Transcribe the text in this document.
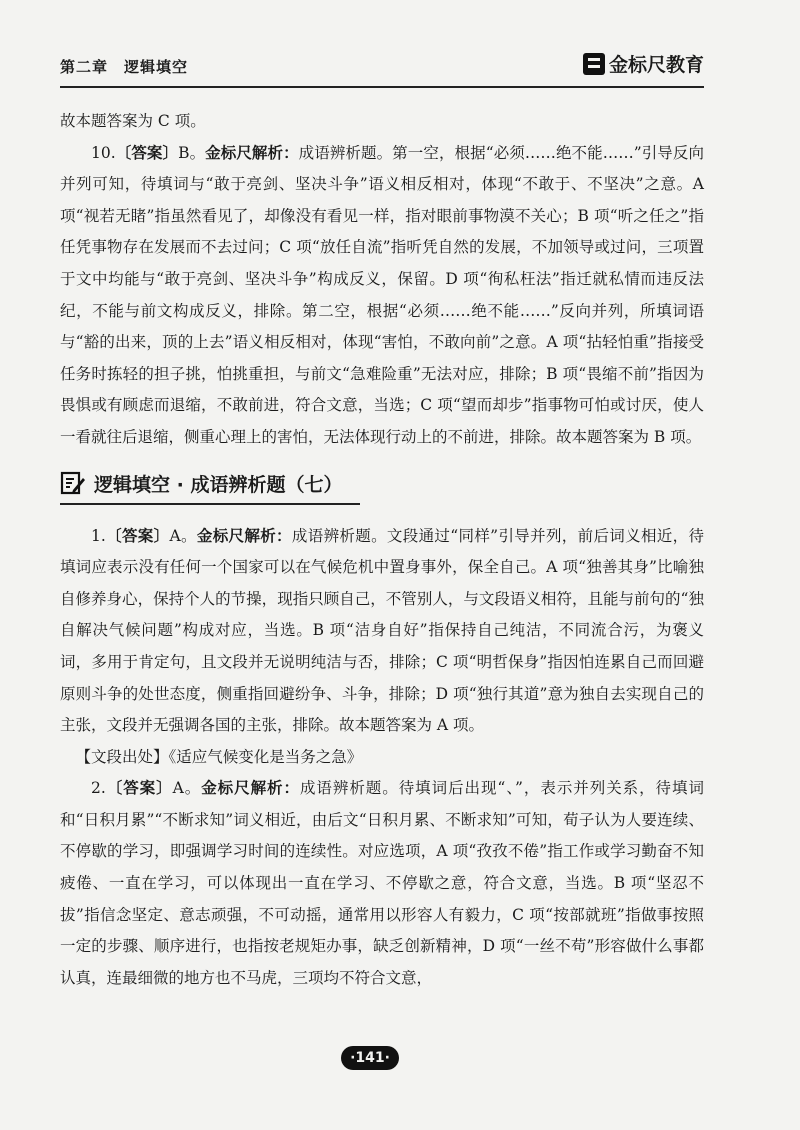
第二章　逻辑填空	金标尺教育

故本题答案为 C 项。

10.〔答案〕B。金标尺解析：成语辨析题。第一空，根据“必须……绝不能……”引导反向并列可知，待填词与“敢于亮剑、坚决斗争”语义相反相对，体现“不敢于、不坚决”之意。A 项“视若无睹”指虽然看见了，却像没有看见一样，指对眼前事物漠不关心；B 项“听之任之”指任凭事物存在发展而不去过问；C 项“放任自流”指听凭自然的发展，不加领导或过问，三项置于文中均能与“敢于亮剑、坚决斗争”构成反义，保留。D 项“徇私枉法”指迁就私情而违反法纪，不能与前文构成反义，排除。第二空，根据“必须……绝不能……”反向并列，所填词语与“豁的出来，顶的上去”语义相反相对，体现“害怕，不敢向前”之意。A 项“拈轻怕重”指接受任务时拣轻的担子挑，怕挑重担，与前文“急难险重”无法对应，排除；B 项“畏缩不前”指因为畏惧或有顾虑而退缩，不敢前进，符合文意，当选；C 项“望而却步”指事物可怕或讨厌，使人一看就往后退缩，侧重心理上的害怕，无法体现行动上的不前进，排除。故本题答案为 B 项。

逻辑填空 · 成语辨析题（七）

1.〔答案〕A。金标尺解析：成语辨析题。文段通过“同样”引导并列，前后词义相近，待填词应表示没有任何一个国家可以在气候危机中置身事外，保全自己。A 项“独善其身”比喻独自修养身心，保持个人的节操，现指只顾自己，不管别人，与文段语义相符，且能与前句的“独自解决气候问题”构成对应，当选。B 项“洁身自好”指保持自己纯洁，不同流合污，为褒义词，多用于肯定句，且文段并无说明纯洁与否，排除；C 项“明哲保身”指因怕连累自己而回避原则斗争的处世态度，侧重指回避纷争、斗争，排除；D 项“独行其道”意为独自去实现自己的主张，文段并无强调各国的主张，排除。故本题答案为 A 项。

【文段出处】《适应气候变化是当务之急》

2.〔答案〕A。金标尺解析：成语辨析题。待填词后出现“、”，表示并列关系，待填词和“日积月累”“不断求知”词义相近，由后文“日积月累、不断求知”可知，荀子认为人要连续、不停歇的学习，即强调学习时间的连续性。对应选项，A 项“孜孜不倦”指工作或学习勤奋不知疲倦、一直在学习，可以体现出一直在学习、不停歇之意，符合文意，当选。B 项“坚忍不拔”指信念坚定、意志顽强，不可动摇，通常用以形容人有毅力，C 项“按部就班”指做事按照一定的步骤、顺序进行，也指按老规矩办事，缺乏创新精神，D 项“一丝不苟”形容做什么事都认真，连最细微的地方也不马虎，三项均不符合文意，

·141·
